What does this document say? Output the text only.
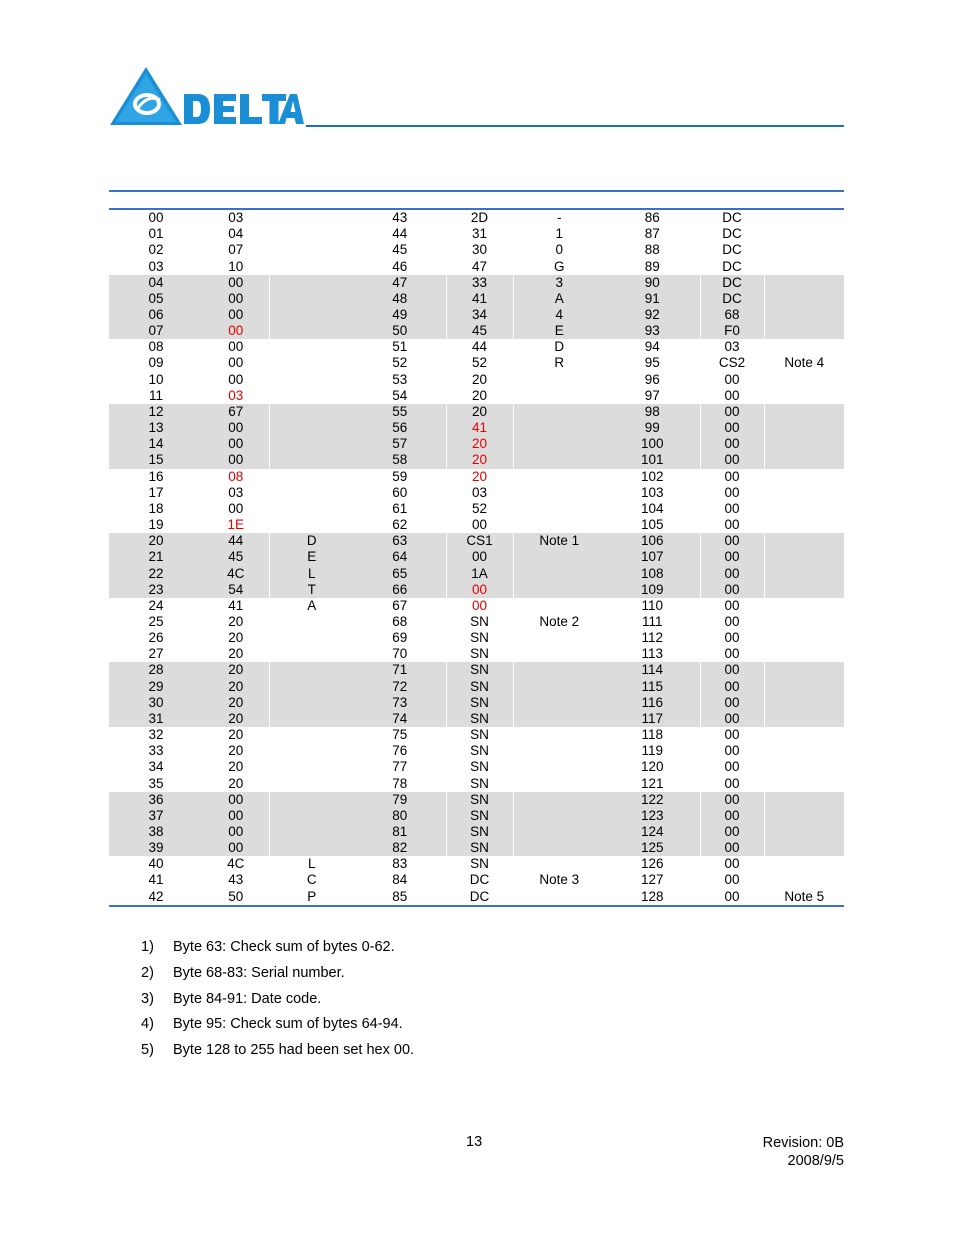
00	03		43	2D	-	86	DC	
01	04		44	31	1	87	DC	
02	07		45	30	0	88	DC	
03	10		46	47	G	89	DC	
04	00		47	33	3	90	DC	
05	00		48	41	A	91	DC	
06	00		49	34	4	92	68	
07	00		50	45	E	93	F0	
08	00		51	44	D	94	03	
09	00		52	52	R	95	CS2	Note 4
10	00		53	20		96	00	
11	03		54	20		97	00	
12	67		55	20		98	00	
13	00		56	41		99	00	
14	00		57	20		100	00	
15	00		58	20		101	00	
16	08		59	20		102	00	
17	03		60	03		103	00	
18	00		61	52		104	00	
19	1E		62	00		105	00	
20	44	D	63	CS1	Note 1	106	00	
21	45	E	64	00		107	00	
22	4C	L	65	1A		108	00	
23	54	T	66	00		109	00	
24	41	A	67	00		110	00	
25	20		68	SN	Note 2	111	00	
26	20		69	SN		112	00	
27	20		70	SN		113	00	
28	20		71	SN		114	00	
29	20		72	SN		115	00	
30	20		73	SN		116	00	
31	20		74	SN		117	00	
32	20		75	SN		118	00	
33	20		76	SN		119	00	
34	20		77	SN		120	00	
35	20		78	SN		121	00	
36	00		79	SN		122	00	
37	00		80	SN		123	00	
38	00		81	SN		124	00	
39	00		82	SN		125	00	
40	4C	L	83	SN		126	00	
41	43	C	84	DC	Note 3	127	00	
42	50	P	85	DC		128	00	Note 5
1) Byte 63: Check sum of bytes 0-62.
2) Byte 68-83: Serial number.
3) Byte 84-91: Date code.
4) Byte 95: Check sum of bytes 64-94.
5) Byte 128 to 255 had been set hex 00.
13	Revision: 0B
2008/9/5
